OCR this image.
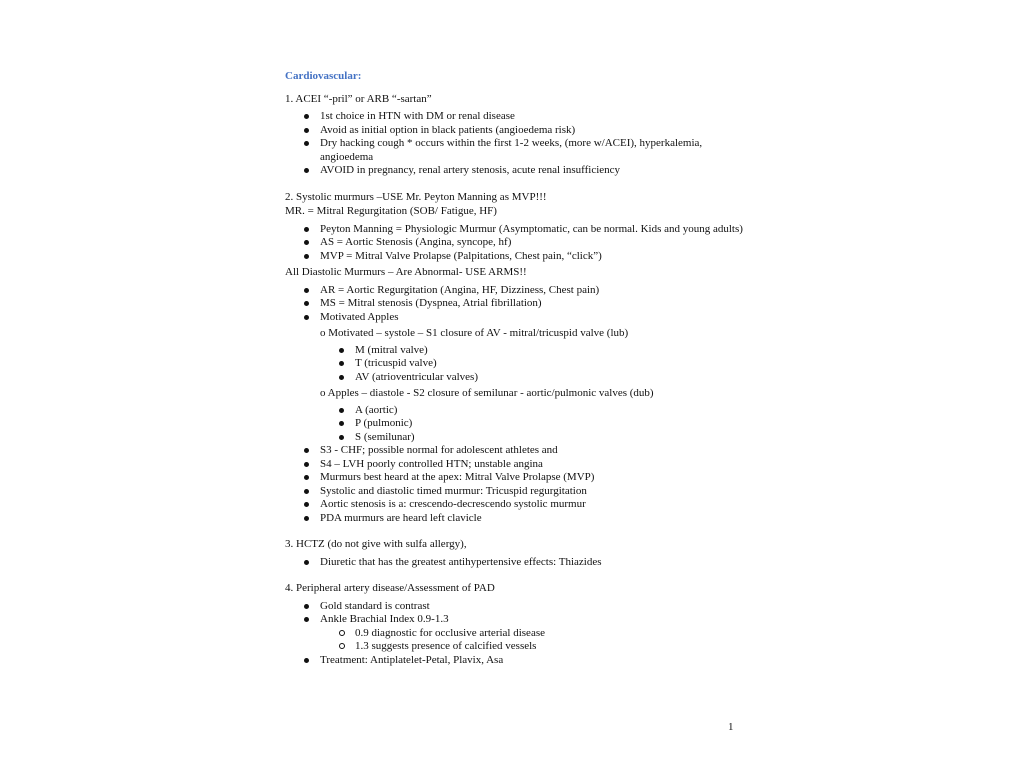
Cardiovascular:
1. ACEI “-pril” or ARB “-sartan”
1st choice in HTN with DM or renal disease
Avoid as initial option in black patients (angioedema risk)
Dry hacking cough * occurs within the first 1-2 weeks, (more w/ACEI), hyperkalemia, angioedema
AVOID in pregnancy, renal artery stenosis, acute renal insufficiency
2. Systolic murmurs –USE Mr. Peyton Manning as MVP!!!
MR. = Mitral Regurgitation (SOB/ Fatigue, HF)
Peyton Manning = Physiologic Murmur (Asymptomatic, can be normal. Kids and young adults)
AS = Aortic Stenosis (Angina, syncope, hf)
MVP = Mitral Valve Prolapse (Palpitations, Chest pain, “click”)
All Diastolic Murmurs – Are Abnormal- USE ARMS!!
AR = Aortic Regurgitation (Angina, HF, Dizziness, Chest pain)
MS = Mitral stenosis (Dyspnea, Atrial fibrillation)
Motivated Apples
o Motivated – systole – S1 closure of AV - mitral/tricuspid valve (lub)
M (mitral valve)
T (tricuspid valve)
AV (atrioventricular valves)
o Apples – diastole - S2 closure of semilunar - aortic/pulmonic valves (dub)
A (aortic)
P (pulmonic)
S (semilunar)
S3 - CHF; possible normal for adolescent athletes and
S4 – LVH poorly controlled HTN; unstable angina
Murmurs best heard at the apex: Mitral Valve Prolapse (MVP)
Systolic and diastolic timed murmur: Tricuspid regurgitation
Aortic stenosis is a: crescendo-decrescendo systolic murmur
PDA murmurs are heard left clavicle
3. HCTZ (do not give with sulfa allergy),
Diuretic that has the greatest antihypertensive effects: Thiazides
4. Peripheral artery disease/Assessment of PAD
Gold standard is contrast
Ankle Brachial Index 0.9-1.3
0.9 diagnostic for occlusive arterial disease
1.3 suggests presence of calcified vessels
Treatment: Antiplatelet-Petal, Plavix, Asa
1
